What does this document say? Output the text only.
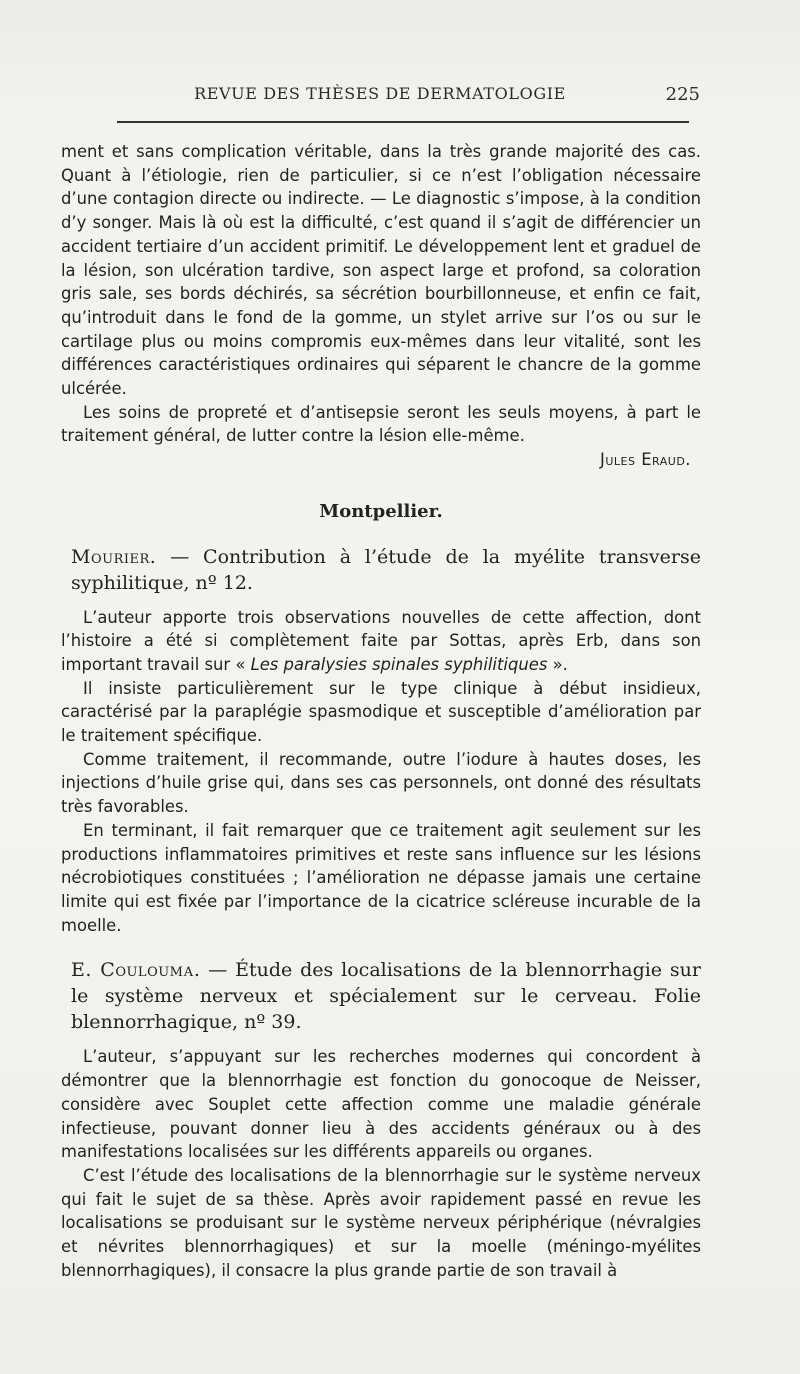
REVUE DES THÈSES DE DERMATOLOGIE	225

ment et sans complication véritable, dans la très grande majorité des cas. Quant à l’étiologie, rien de particulier, si ce n’est l’obligation nécessaire d’une contagion directe ou indirecte. — Le diagnostic s’impose, à la condition d’y songer. Mais là où est la difficulté, c’est quand il s’agit de différencier un accident tertiaire d’un accident primitif. Le développement lent et graduel de la lésion, son ulcération tardive, son aspect large et profond, sa coloration gris sale, ses bords déchirés, sa sécrétion bourbillonneuse, et enfin ce fait, qu’introduit dans le fond de la gomme, un stylet arrive sur l’os ou sur le cartilage plus ou moins compromis eux-mêmes dans leur vitalité, sont les différences caractéristiques ordinaires qui séparent le chancre de la gomme ulcérée.

Les soins de propreté et d’antisepsie seront les seuls moyens, à part le traitement général, de lutter contre la lésion elle-même.

Jules Eraud.

Montpellier.

Mourier. — Contribution à l’étude de la myélite transverse syphilitique, nº 12.

L’auteur apporte trois observations nouvelles de cette affection, dont l’histoire a été si complètement faite par Sottas, après Erb, dans son important travail sur « Les paralysies spinales syphilitiques ».

Il insiste particulièrement sur le type clinique à début insidieux, caractérisé par la paraplégie spasmodique et susceptible d’amélioration par le traitement spécifique.

Comme traitement, il recommande, outre l’iodure à hautes doses, les injections d’huile grise qui, dans ses cas personnels, ont donné des résultats très favorables.

En terminant, il fait remarquer que ce traitement agit seulement sur les productions inflammatoires primitives et reste sans influence sur les lésions nécrobiotiques constituées ; l’amélioration ne dépasse jamais une certaine limite qui est fixée par l’importance de la cicatrice scléreuse incurable de la moelle.

E. Couloumа. — Étude des localisations de la blennorrhagie sur le système nerveux et spécialement sur le cerveau. Folie blennorrhagique, nº 39.

L’auteur, s’appuyant sur les recherches modernes qui concordent à démontrer que la blennorrhagie est fonction du gonocoque de Neisser, considère avec Souplet cette affection comme une maladie générale infectieuse, pouvant donner lieu à des accidents généraux ou à des manifestations localisées sur les différents appareils ou organes.

C’est l’étude des localisations de la blennorrhagie sur le système nerveux qui fait le sujet de sa thèse. Après avoir rapidement passé en revue les localisations se produisant sur le système nerveux périphérique (névralgies et névrites blennorrhagiques) et sur la moelle (méningo-myélites blennorrhagiques), il consacre la plus grande partie de son travail à
